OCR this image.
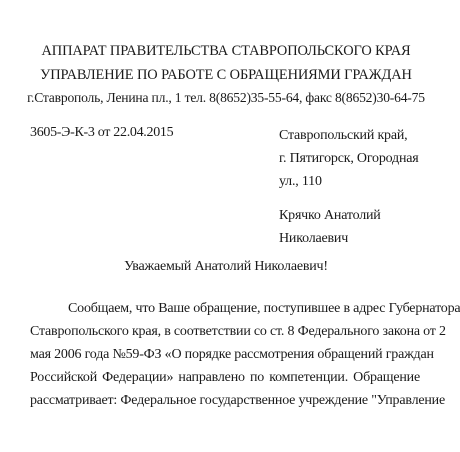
АППАРАТ ПРАВИТЕЛЬСТВА СТАВРОПОЛЬСКОГО КРАЯ
УПРАВЛЕНИЕ ПО РАБОТЕ С ОБРАЩЕНИЯМИ ГРАЖДАН
г.Ставрополь, Ленина пл., 1 тел. 8(8652)35-55-64, факс 8(8652)30-64-75
3605-Э-К-3 от 22.04.2015	Ставропольский край,
г. Пятигорск, Огородная
ул., 110
Крячко Анатолий
Николаевич
Уважаемый Анатолий Николаевич!
Сообщаем, что Ваше обращение, поступившее в адрес Губернатора
Ставропольского края, в соответствии со ст. 8 Федерального закона от 2
мая 2006 года №59-ФЗ «О порядке рассмотрения обращений граждан
Российской Федерации» направлено по компетенции. Обращение
рассматривает: Федеральное государственное учреждение "Управление
